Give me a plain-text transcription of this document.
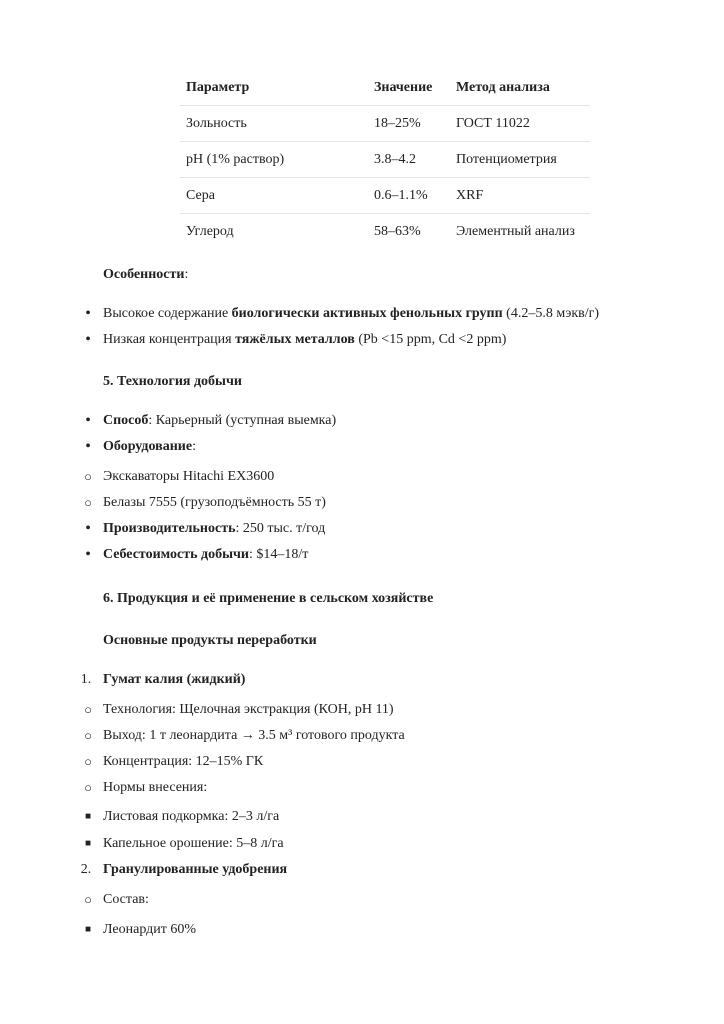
Параметр	Значение	Метод анализа
Зольность	18–25%	ГОСТ 11022
pH (1% раствор)	3.8–4.2	Потенциометрия
Сера	0.6–1.1%	XRF
Углерод	58–63%	Элементный анализ
Особенности:
• Высокое содержание биологически активных фенольных групп (4.2–5.8 мэкв/г)
• Низкая концентрация тяжёлых металлов (Pb <15 ppm, Cd <2 ppm)
5. Технология добычи
• Способ: Карьерный (уступная выемка)
• Оборудование:
○ Экскаваторы Hitachi EX3600
○ Белазы 7555 (грузоподъёмность 55 т)
• Производительность: 250 тыс. т/год
• Себестоимость добычи: $14–18/т
6. Продукция и её применение в сельском хозяйстве
Основные продукты переработки
1. Гумат калия (жидкий)
○ Технология: Щелочная экстракция (КОН, pH 11)
○ Выход: 1 т леонардита → 3.5 м³ готового продукта
○ Концентрация: 12–15% ГК
○ Нормы внесения:
■ Листовая подкормка: 2–3 л/га
■ Капельное орошение: 5–8 л/га
2. Гранулированные удобрения
○ Состав:
■ Леонардит 60%
